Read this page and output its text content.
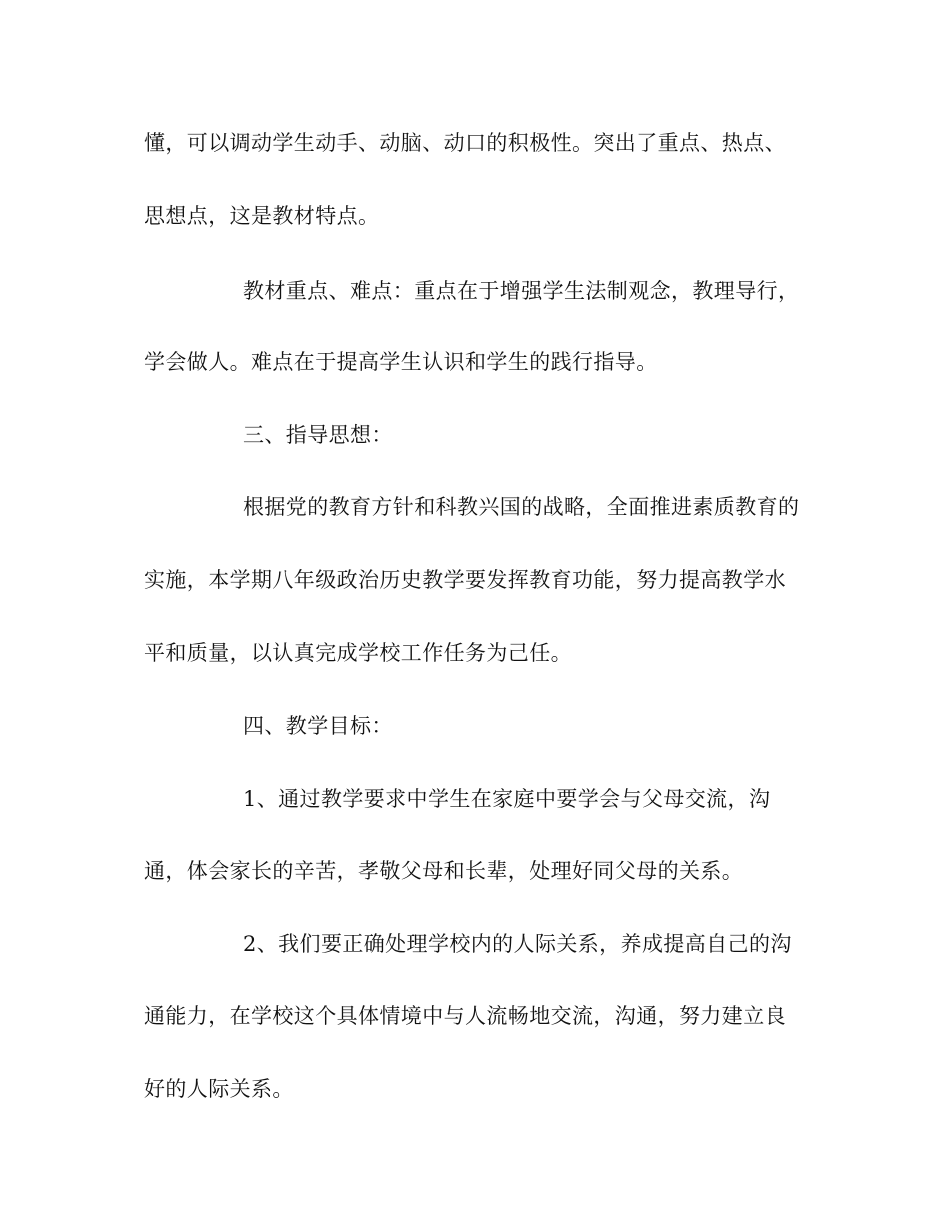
懂，可以调动学生动手、动脑、动口的积极性。突出了重点、热点、
思想点，这是教材特点。
教材重点、难点：重点在于增强学生法制观念，教理导行，
学会做人。难点在于提高学生认识和学生的践行指导。
三、指导思想：
根据党的教育方针和科教兴国的战略，全面推进素质教育的
实施，本学期八年级政治历史教学要发挥教育功能，努力提高教学水
平和质量，以认真完成学校工作任务为己任。
四、教学目标：
1、通过教学要求中学生在家庭中要学会与父母交流，沟
通，体会家长的辛苦，孝敬父母和长辈，处理好同父母的关系。
2、我们要正确处理学校内的人际关系，养成提高自己的沟
通能力，在学校这个具体情境中与人流畅地交流，沟通，努力建立良
好的人际关系。
